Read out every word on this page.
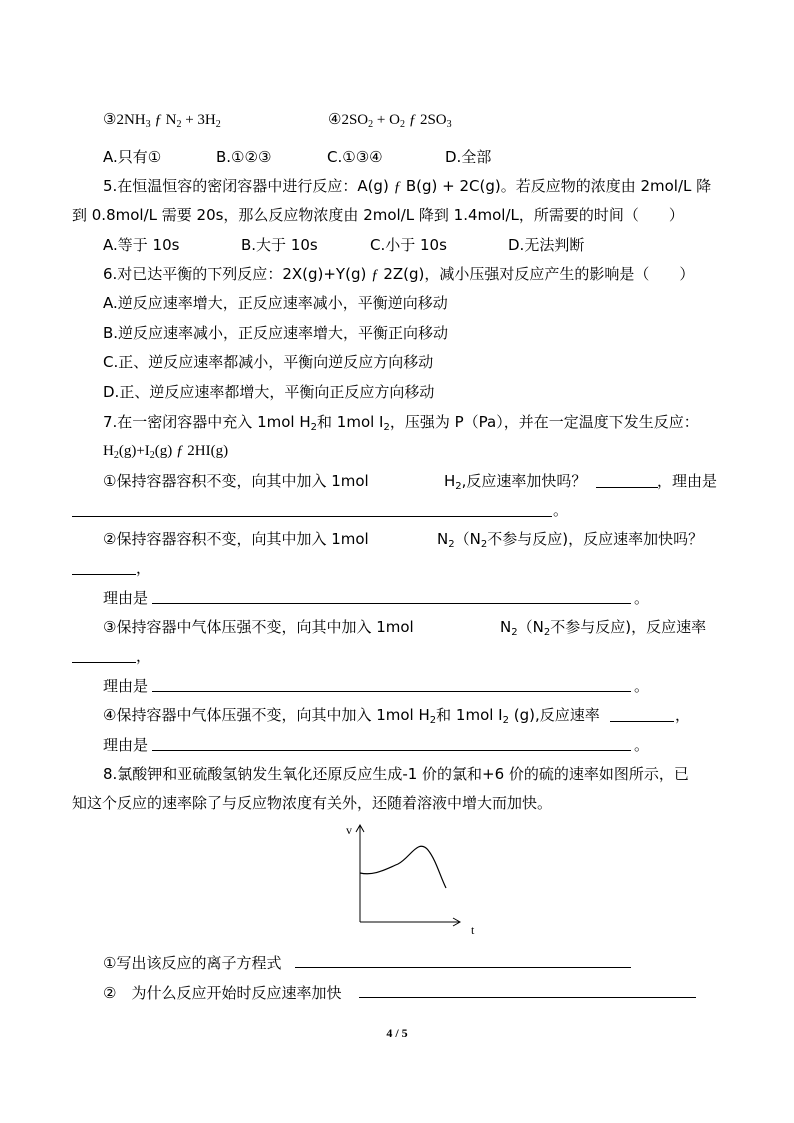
$③2NH_3$ ƒ $N_2 + 3H_2$	$④2SO_2 + O_2$ ƒ $2SO_3$
A.只有①	B.①②③	C.①③④	D.全部
5.在恒温恒容的密闭容器中进行反应：A(g) ƒ B(g) + 2C(g)。若反应物的浓度由 2mol/L 降
到 0.8mol/L 需要 20s，那么反应物浓度由 2mol/L 降到 1.4mol/L，所需要的时间（　　）
A.等于 10s	B.大于 10s	C.小于 10s	D.无法判断
6.对已达平衡的下列反应：2X(g)+Y(g) ƒ 2Z(g)，减小压强对反应产生的影响是（　　）
A.逆反应速率增大，正反应速率减小，平衡逆向移动
B.逆反应速率减小，正反应速率增大，平衡正向移动
C.正、逆反应速率都减小，平衡向逆反应方向移动
D.正、逆反应速率都增大，平衡向正反应方向移动
7.在一密闭容器中充入 1mol $H_2$和 1mol $I_2$，压强为 P（Pa），并在一定温度下发生反应：
$H_2(g)+I_2(g)$ ƒ 2HI(g)
①保持容器容积不变，向其中加入 1mol	$H_2$,反应速率加快吗？	，理由是
。
②保持容器容积不变，向其中加入 1mol	$N_2(N_2$不参与反应)，反应速率加快吗？
，
理由是	。
③保持容器中气体压强不变，向其中加入 1mol	$N_2(N_2$不参与反应)，反应速率
，
理由是	。
④保持容器中气体压强不变，向其中加入 1mol $H_2$和 1mol $I_2$ (g),反应速率	，
理由是	。
8.氯酸钾和亚硫酸氢钠发生氧化还原反应生成-1 价的氯和+6 价的硫的速率如图所示，已
知这个反应的速率除了与反应物浓度有关外，还随着溶液中增大而加快。
v
t
①写出该反应的离子方程式
②　为什么反应开始时反应速率加快
4 / 5
